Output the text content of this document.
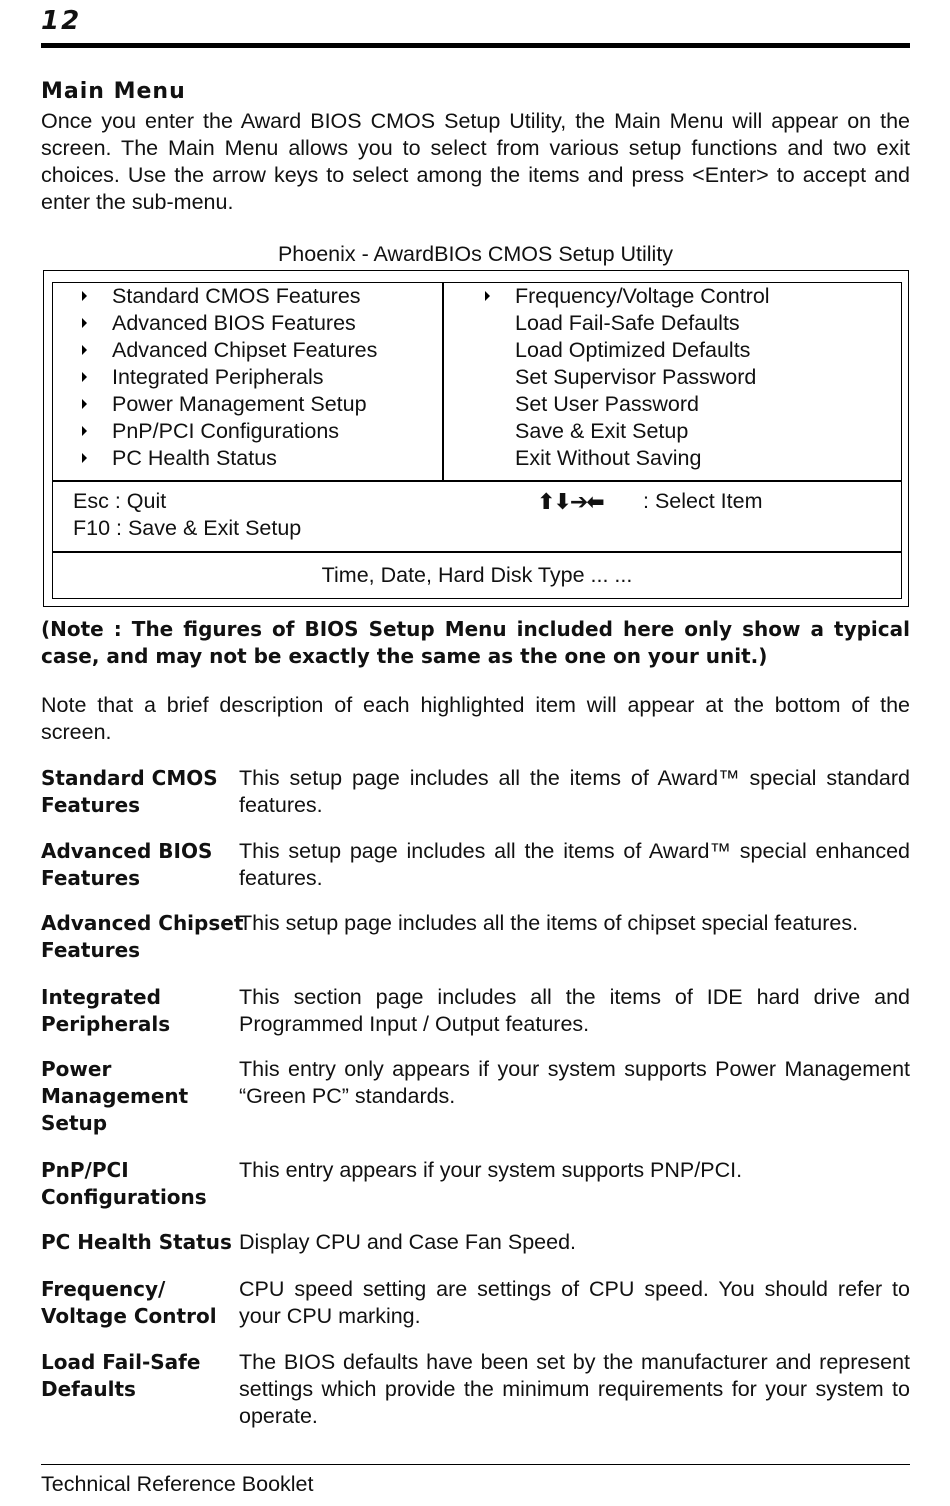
12
Main Menu
Once you enter the Award BIOS CMOS Setup Utility, the Main Menu will appear on the screen. The Main Menu allows you to select from various setup functions and two exit choices. Use the arrow keys to select among the items and press <Enter> to accept and enter the sub-menu.
Phoenix - AwardBIOs CMOS Setup Utility
Standard CMOS Features
Advanced BIOS Features
Advanced Chipset Features
Integrated Peripherals
Power Management Setup
PnP/PCI Configurations
PC Health Status
Frequency/Voltage Control
Load Fail-Safe Defaults
Load Optimized Defaults
Set Supervisor Password
Set User Password
Save & Exit Setup
Exit Without Saving
Esc : Quit
F10 : Save & Exit Setup
⬆⬇➔⬅ : Select Item
Time, Date, Hard Disk Type ... ...
(Note : The figures of BIOS Setup Menu included here only show a typical case, and may not be exactly the same as the one on your unit.)
Note that a brief description of each highlighted item will appear at the bottom of the screen.
Standard CMOS Features
This setup page includes all the items of Award™ special standard features.
Advanced BIOS Features
This setup page includes all the items of Award™ special enhanced features.
Advanced Chipset Features
This setup page includes all the items of chipset special features.
Integrated Peripherals
This section page includes all the items of IDE hard drive and Programmed Input / Output features.
Power Management Setup
This entry only appears if your system supports Power Management “Green PC” standards.
PnP/PCI Configurations
This entry appears if your system supports PNP/PCI.
PC Health Status Display CPU and Case Fan Speed.
Frequency/ Voltage Control
CPU speed setting are settings of CPU speed. You should refer to your CPU marking.
Load Fail-Safe Defaults
The BIOS defaults have been set by the manufacturer and represent settings which provide the minimum requirements for your system to operate.
Technical Reference Booklet
